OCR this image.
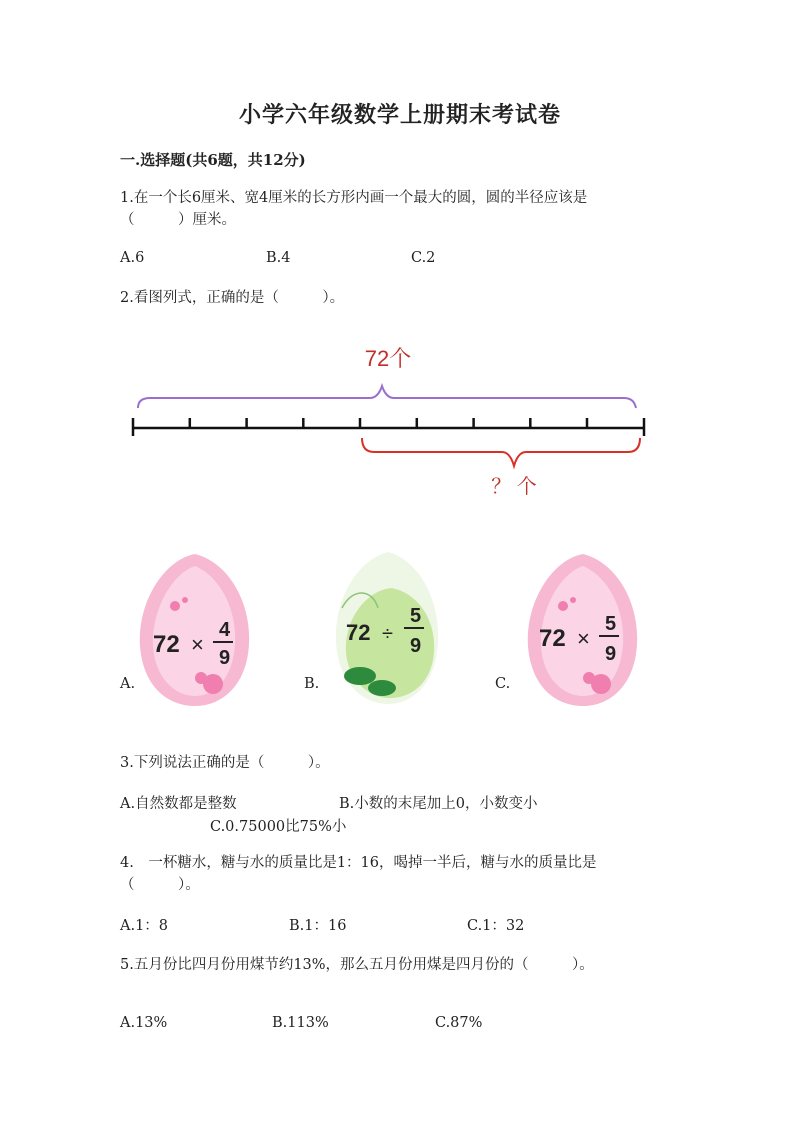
小学六年级数学上册期末考试卷
一.选择题(共6题，共12分)
1.在一个长6厘米、宽4厘米的长方形内画一个最大的圆，圆的半径应该是
（　　　）厘米。
A.6	B.4	C.2
2.看图列式，正确的是（　　　）。
72个
？ 个
A.
72 ×
4
9
B.
72 ÷
5
9
C.
72 ×
5
9
3.下列说法正确的是（　　　）。
A.自然数都是整数	B.小数的末尾加上0，小数变小
C.0.75000比75%小
4.　一杯糖水，糖与水的质量比是1：16，喝掉一半后，糖与水的质量比是
（　　　）。
A.1：8	B.1：16	C.1：32
5.五月份比四月份用煤节约13%，那么五月份用煤是四月份的（　　　）。
A.13%	B.113%	C.87%
